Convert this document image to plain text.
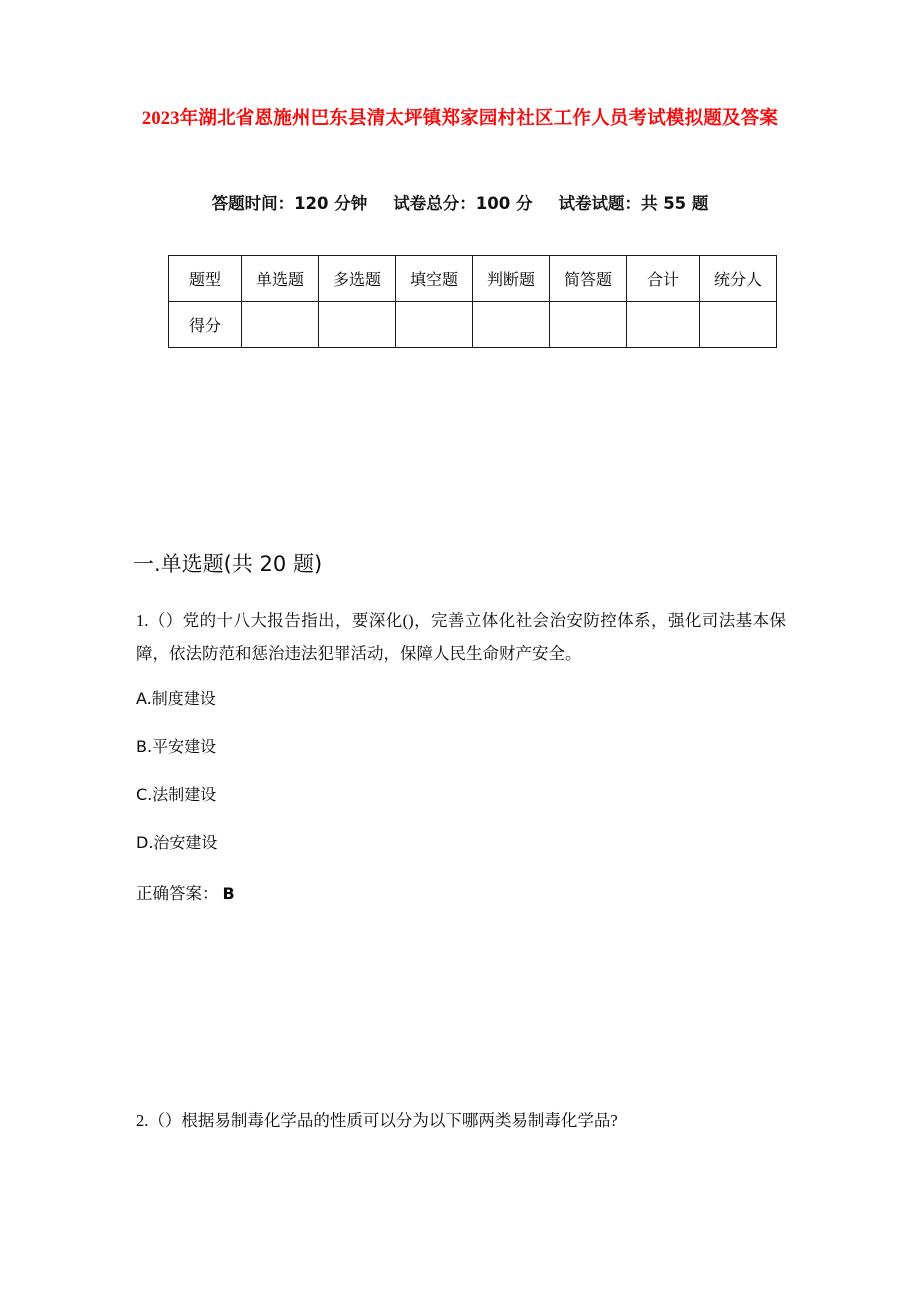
2023年湖北省恩施州巴东县清太坪镇郑家园村社区工作人员考试模拟题及答案
答题时间：120 分钟 试卷总分：100 分 试卷试题：共 55 题
题型	单选题	多选题	填空题	判断题	简答题	合计	统分人
得分							
一.单选题(共 20 题)
1.（）党的十八大报告指出，要深化()，完善立体化社会治安防控体系，强化司法基本保障，依法防范和惩治违法犯罪活动，保障人民生命财产安全。
A.制度建设
B.平安建设
C.法制建设
D.治安建设
正确答案： B
2.（）根据易制毒化学品的性质可以分为以下哪两类易制毒化学品?
